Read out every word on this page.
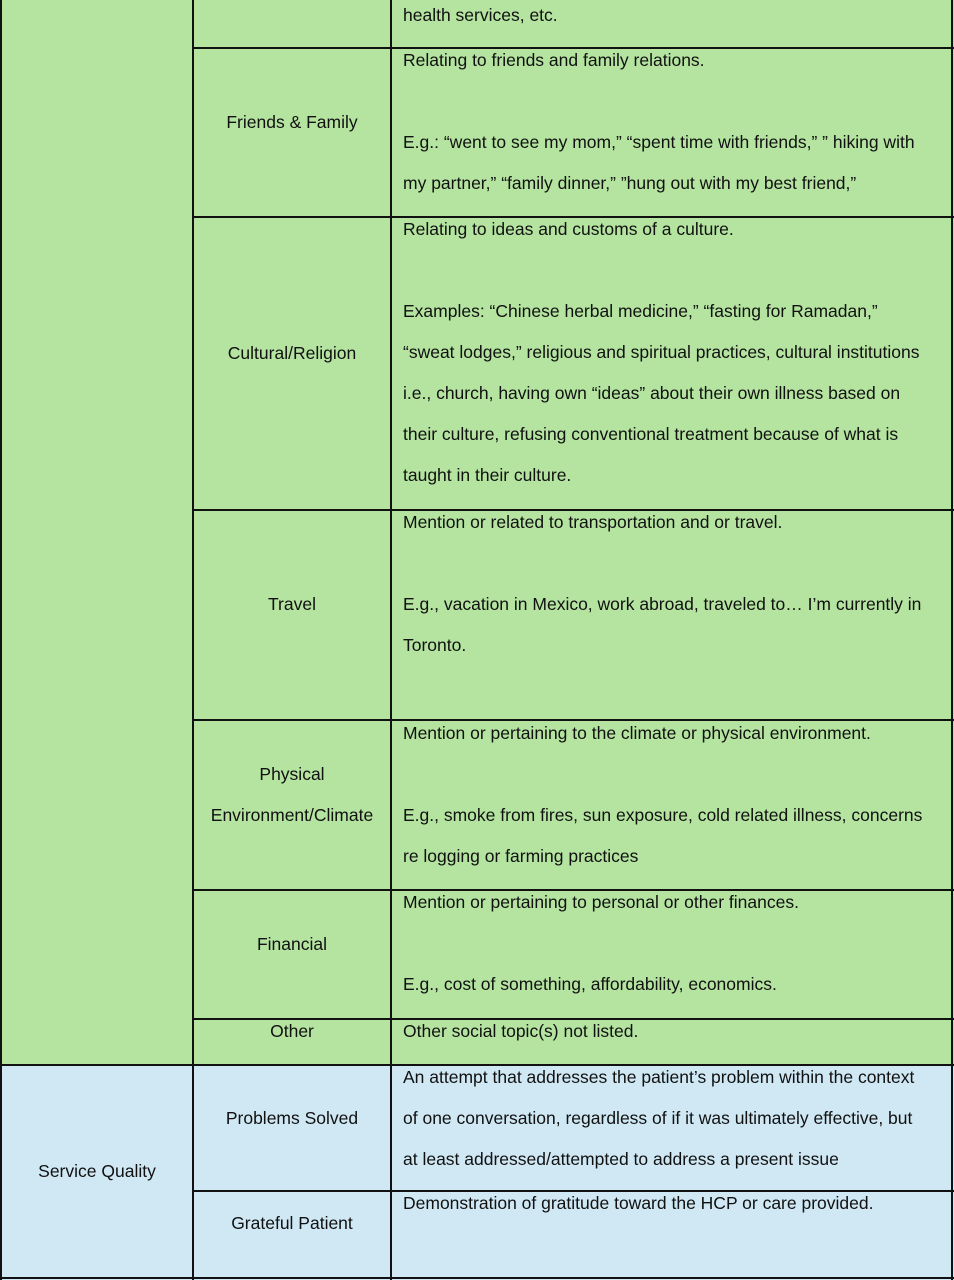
Service Quality
Friends & Family
Cultural/Religion
Travel
Physical
Environment/Climate
Financial
Other
Problems Solved
Grateful Patient

health services, etc.

Relating to friends and family relations.

E.g.: “went to see my mom,” “spent time with friends,” ” hiking with

my partner,” “family dinner,” ”hung out with my best friend,”

Relating to ideas and customs of a culture.

Examples: “Chinese herbal medicine,” “fasting for Ramadan,”

“sweat lodges,” religious and spiritual practices, cultural institutions

i.e., church, having own “ideas” about their own illness based on

their culture, refusing conventional treatment because of what is

taught in their culture.

Mention or related to transportation and or travel.

E.g., vacation in Mexico, work abroad, traveled to… I’m currently in

Toronto.

Mention or pertaining to the climate or physical environment.

E.g., smoke from fires, sun exposure, cold related illness, concerns

re logging or farming practices

Mention or pertaining to personal or other finances.

E.g., cost of something, affordability, economics.

Other social topic(s) not listed.

An attempt that addresses the patient’s problem within the context

of one conversation, regardless of if it was ultimately effective, but

at least addressed/attempted to address a present issue

Demonstration of gratitude toward the HCP or care provided.
